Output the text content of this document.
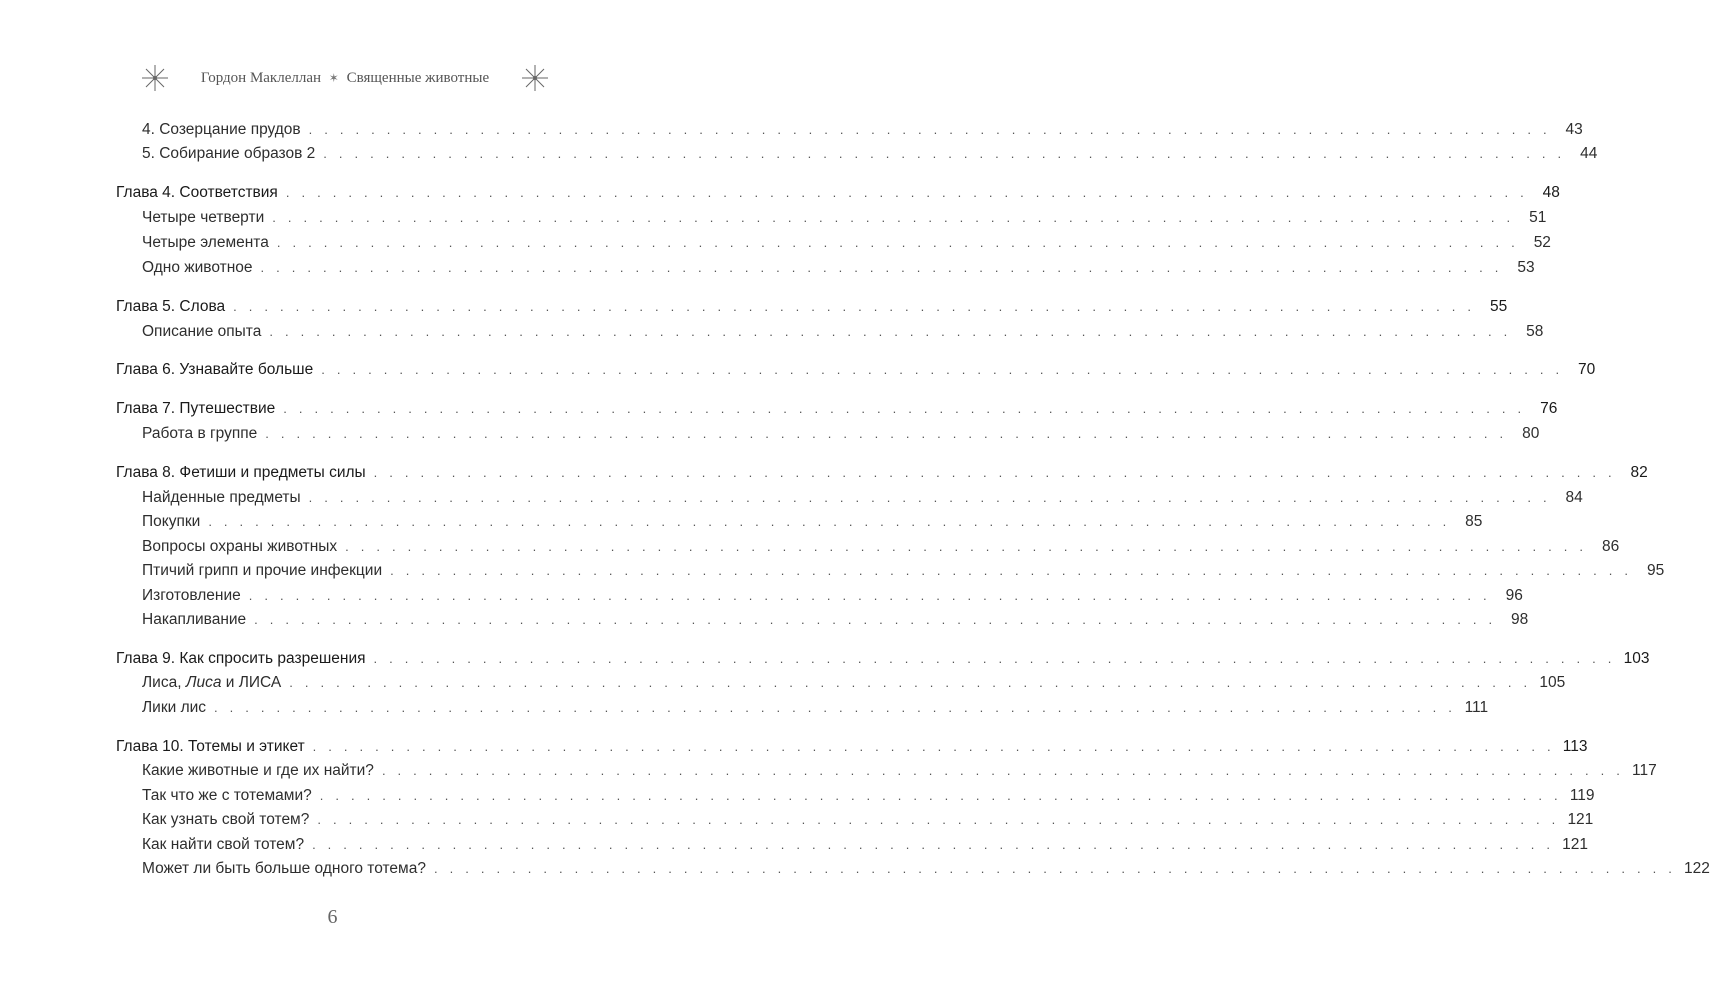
Гордон Маклеллан ✶ Священные животные
4. Созерцание прудов . . . . . . . . . . . . . . . . . . . . . . . . . . . . . . . . . . . . . . . . . . . . . . . . . . . . . . . . . . . . . . . . . . . . . . . . . . . . . . . . 43
5. Собирание образов 2 . . . . . . . . . . . . . . . . . . . . . . . . . . . . . . . . . . . . . . . . . . . . . . . . . . . . . . . . . . . . . . . . . . . . . . . . . . . . . . . . 44
Глава 4. Соответствия . . . . . . . . . . . . . . . . . . . . . . . . . . . . . . . . . . . . . . . . . . . . . . . . . . . . . . . . . . . . . . . . . . . . . . . . . . . . . . . . 48
Четыре четверти . . . . . . . . . . . . . . . . . . . . . . . . . . . . . . . . . . . . . . . . . . . . . . . . . . . . . . . . . . . . . . . . . . . . . . . . . . . . . . . . 51
Четыре элемента . . . . . . . . . . . . . . . . . . . . . . . . . . . . . . . . . . . . . . . . . . . . . . . . . . . . . . . . . . . . . . . . . . . . . . . . . . . . . . . . 52
Одно животное . . . . . . . . . . . . . . . . . . . . . . . . . . . . . . . . . . . . . . . . . . . . . . . . . . . . . . . . . . . . . . . . . . . . . . . . . . . . . . . . 53
Глава 5. Слова . . . . . . . . . . . . . . . . . . . . . . . . . . . . . . . . . . . . . . . . . . . . . . . . . . . . . . . . . . . . . . . . . . . . . . . . . . . . . . . . 55
Описание опыта . . . . . . . . . . . . . . . . . . . . . . . . . . . . . . . . . . . . . . . . . . . . . . . . . . . . . . . . . . . . . . . . . . . . . . . . . . . . . . . . 58
Глава 6. Узнавайте больше . . . . . . . . . . . . . . . . . . . . . . . . . . . . . . . . . . . . . . . . . . . . . . . . . . . . . . . . . . . . . . . . . . . . . . . . . . . . . . . . 70
Глава 7. Путешествие . . . . . . . . . . . . . . . . . . . . . . . . . . . . . . . . . . . . . . . . . . . . . . . . . . . . . . . . . . . . . . . . . . . . . . . . . . . . . . . . 76
Работа в группе . . . . . . . . . . . . . . . . . . . . . . . . . . . . . . . . . . . . . . . . . . . . . . . . . . . . . . . . . . . . . . . . . . . . . . . . . . . . . . . . 80
Глава 8. Фетиши и предметы силы . . . . . . . . . . . . . . . . . . . . . . . . . . . . . . . . . . . . . . . . . . . . . . . . . . . . . . . . . . . . . . . . . . . . . . . . . . . . . . . . 82
Найденные предметы . . . . . . . . . . . . . . . . . . . . . . . . . . . . . . . . . . . . . . . . . . . . . . . . . . . . . . . . . . . . . . . . . . . . . . . . . . . . . . . . 84
Покупки . . . . . . . . . . . . . . . . . . . . . . . . . . . . . . . . . . . . . . . . . . . . . . . . . . . . . . . . . . . . . . . . . . . . . . . . . . . . . . . . 85
Вопросы охраны животных . . . . . . . . . . . . . . . . . . . . . . . . . . . . . . . . . . . . . . . . . . . . . . . . . . . . . . . . . . . . . . . . . . . . . . . . . . . . . . . . 86
Птичий грипп и прочие инфекции . . . . . . . . . . . . . . . . . . . . . . . . . . . . . . . . . . . . . . . . . . . . . . . . . . . . . . . . . . . . . . . . . . . . . . . . . . . . . . . . 95
Изготовление . . . . . . . . . . . . . . . . . . . . . . . . . . . . . . . . . . . . . . . . . . . . . . . . . . . . . . . . . . . . . . . . . . . . . . . . . . . . . . . . 96
Накапливание . . . . . . . . . . . . . . . . . . . . . . . . . . . . . . . . . . . . . . . . . . . . . . . . . . . . . . . . . . . . . . . . . . . . . . . . . . . . . . . . 98
Глава 9. Как спросить разрешения . . . . . . . . . . . . . . . . . . . . . . . . . . . . . . . . . . . . . . . . . . . . . . . . . . . . . . . . . . . . . . . . . . . . . . . . . . . . . . . . 103
Лиса, Лиса и ЛИСА . . . . . . . . . . . . . . . . . . . . . . . . . . . . . . . . . . . . . . . . . . . . . . . . . . . . . . . . . . . . . . . . . . . . . . . . . . . . . . . . 105
Лики лис . . . . . . . . . . . . . . . . . . . . . . . . . . . . . . . . . . . . . . . . . . . . . . . . . . . . . . . . . . . . . . . . . . . . . . . . . . . . . . . . 111
Глава 10. Тотемы и этикет . . . . . . . . . . . . . . . . . . . . . . . . . . . . . . . . . . . . . . . . . . . . . . . . . . . . . . . . . . . . . . . . . . . . . . . . . . . . . . . . 113
Какие животные и где их найти? . . . . . . . . . . . . . . . . . . . . . . . . . . . . . . . . . . . . . . . . . . . . . . . . . . . . . . . . . . . . . . . . . . . . . . . . . . . . . . . . 117
Так что же с тотемами? . . . . . . . . . . . . . . . . . . . . . . . . . . . . . . . . . . . . . . . . . . . . . . . . . . . . . . . . . . . . . . . . . . . . . . . . . . . . . . . . 119
Как узнать свой тотем? . . . . . . . . . . . . . . . . . . . . . . . . . . . . . . . . . . . . . . . . . . . . . . . . . . . . . . . . . . . . . . . . . . . . . . . . . . . . . . . . 121
Как найти свой тотем? . . . . . . . . . . . . . . . . . . . . . . . . . . . . . . . . . . . . . . . . . . . . . . . . . . . . . . . . . . . . . . . . . . . . . . . . . . . . . . . . 121
Может ли быть больше одного тотема? . . . . . . . . . . . . . . . . . . . . . . . . . . . . . . . . . . . . . . . . . . . . . . . . . . . . . . . . . . . . . . . . . . . . . . . . . . . . . . . . 122
6
